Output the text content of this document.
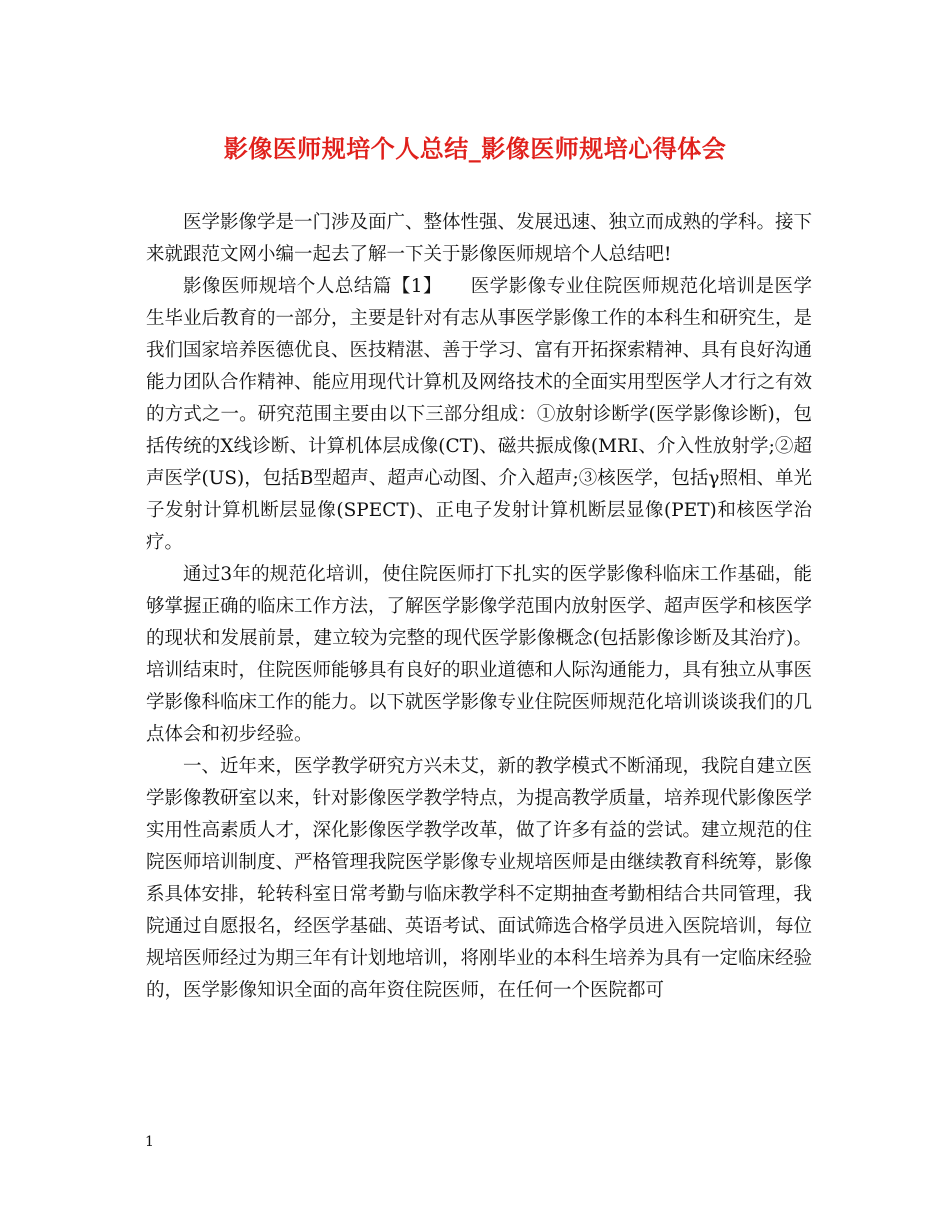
影像医师规培个人总结_影像医师规培心得体会

医学影像学是一门涉及面广、整体性强、发展迅速、独立而成熟的学科。接下来就跟范文网小编一起去了解一下关于影像医师规培个人总结吧!

影像医师规培个人总结篇【1】　　医学影像专业住院医师规范化培训是医学生毕业后教育的一部分，主要是针对有志从事医学影像工作的本科生和研究生，是我们国家培养医德优良、医技精湛、善于学习、富有开拓探索精神、具有良好沟通能力团队合作精神、能应用现代计算机及网络技术的全面实用型医学人才行之有效的方式之一。研究范围主要由以下三部分组成：①放射诊断学(医学影像诊断)，包括传统的X线诊断、计算机体层成像(CT)、磁共振成像(MRI、介入性放射学;②超声医学(US)，包括B型超声、超声心动图、介入超声;③核医学，包括γ照相、单光子发射计算机断层显像(SPECT)、正电子发射计算机断层显像(PET)和核医学治疗。

通过3年的规范化培训，使住院医师打下扎实的医学影像科临床工作基础，能够掌握正确的临床工作方法，了解医学影像学范围内放射医学、超声医学和核医学的现状和发展前景，建立较为完整的现代医学影像概念(包括影像诊断及其治疗)。培训结束时，住院医师能够具有良好的职业道德和人际沟通能力，具有独立从事医学影像科临床工作的能力。以下就医学影像专业住院医师规范化培训谈谈我们的几点体会和初步经验。

一、近年来，医学教学研究方兴未艾，新的教学模式不断涌现，我院自建立医学影像教研室以来，针对影像医学教学特点，为提高教学质量，培养现代影像医学实用性高素质人才，深化影像医学教学改革，做了许多有益的尝试。建立规范的住院医师培训制度、严格管理我院医学影像专业规培医师是由继续教育科统筹，影像系具体安排，轮转科室日常考勤与临床教学科不定期抽查考勤相结合共同管理，我院通过自愿报名，经医学基础、英语考试、面试筛选合格学员进入医院培训，每位规培医师经过为期三年有计划地培训，将刚毕业的本科生培养为具有一定临床经验的，医学影像知识全面的高年资住院医师，在任何一个医院都可

1
